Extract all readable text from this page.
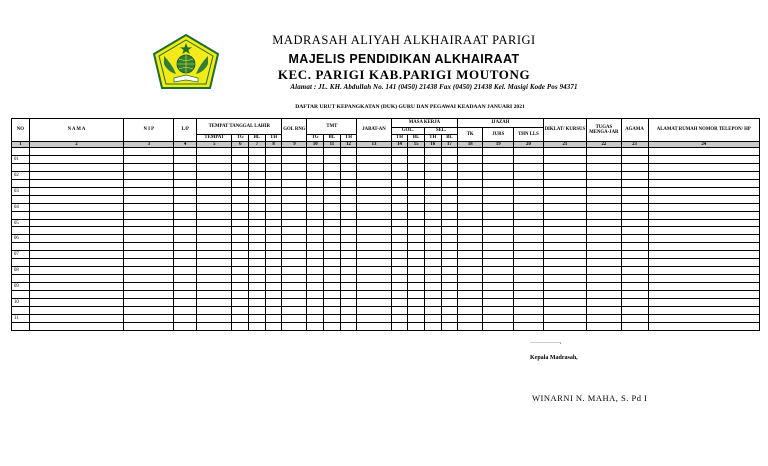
MADRASAH ALIYAH ALKHAIRAAT PARIGI
MAJELIS PENDIDIKAN ALKHAIRAAT
KEC. PARIGI KAB.PARIGI MOUTONG
Alamat : JL. KH. Abdullah No. 141 (0450) 21438 Fax (0450) 21438 Kel. Masigi Kode Pos 94371
DAFTAR URUT KEPANGKATAN (DUK) GURU DAN PEGAWAI KEADAAN JANUARI 2021
NO	N A M A	N I P	L/P	TEMPAT TANGGAL LAHIR				GOL RNG	TMT			JABAT-AN	MASA KERJA				IJAZAH			DIKLAT/ KURSUS	TUGAS MENGA-JAR	AGAMA	ALAMAT RUMAH NOMOR TELEPON/ HP
													GOL.		SEL.		TK	JURS	THN LLS				
				TEMPAT	TG	BL	TH		TG	BL	TH		TH	BL	TH	BL							
1	2	3	4	5	6	7	8	9	10	11	12	13	14	15	16	17	18	19	20	21	22	23	24

01																							

02																							

03																							

04																							

05																							

06																							

07																							

08																							

09																							

10																							

11																							

……………,
Kepala Madrasah,
WINARNI N. MAHA, S. Pd I
